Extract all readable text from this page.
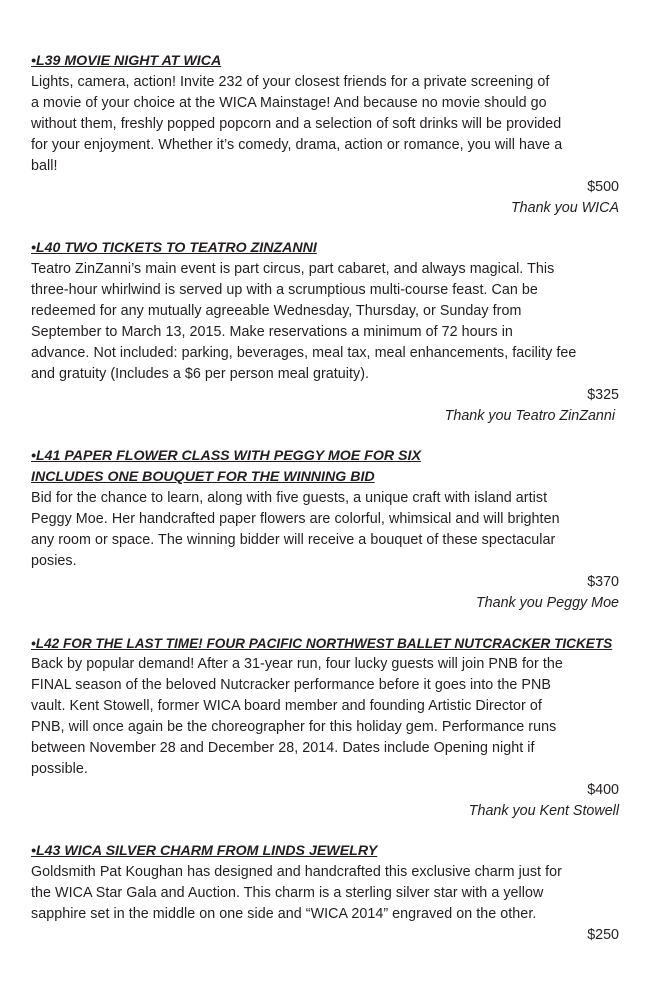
•L39 MOVIE NIGHT AT WICA
Lights, camera, action! Invite 232 of your closest friends for a private screening of
a movie of your choice at the WICA Mainstage! And because no movie should go
without them, freshly popped popcorn and a selection of soft drinks will be provided
for your enjoyment. Whether it’s comedy, drama, action or romance, you will have a
ball!
$500
Thank you WICA
•L40 TWO TICKETS TO TEATRO ZINZANNI
Teatro ZinZanni’s main event is part circus, part cabaret, and always magical. This
three-hour whirlwind is served up with a scrumptious multi-course feast. Can be
redeemed for any mutually agreeable Wednesday, Thursday, or Sunday from
September to March 13, 2015. Make reservations a minimum of 72 hours in
advance. Not included: parking, beverages, meal tax, meal enhancements, facility fee
and gratuity (Includes a $6 per person meal gratuity).
$325
Thank you Teatro ZinZanni
•L41 PAPER FLOWER CLASS WITH PEGGY MOE FOR SIX
INCLUDES ONE BOUQUET FOR THE WINNING BID
Bid for the chance to learn, along with five guests, a unique craft with island artist
Peggy Moe. Her handcrafted paper flowers are colorful, whimsical and will brighten
any room or space. The winning bidder will receive a bouquet of these spectacular
posies.
$370
Thank you Peggy Moe
•L42 FOR THE LAST TIME! FOUR PACIFIC NORTHWEST BALLET NUTCRACKER TICKETS
Back by popular demand! After a 31-year run, four lucky guests will join PNB for the
FINAL season of the beloved Nutcracker performance before it goes into the PNB
vault. Kent Stowell, former WICA board member and founding Artistic Director of
PNB, will once again be the choreographer for this holiday gem. Performance runs
between November 28 and December 28, 2014. Dates include Opening night if
possible.
$400
Thank you Kent Stowell
•L43 WICA SILVER CHARM FROM LINDS JEWELRY
Goldsmith Pat Koughan has designed and handcrafted this exclusive charm just for
the WICA Star Gala and Auction. This charm is a sterling silver star with a yellow
sapphire set in the middle on one side and “WICA 2014” engraved on the other.
$250
